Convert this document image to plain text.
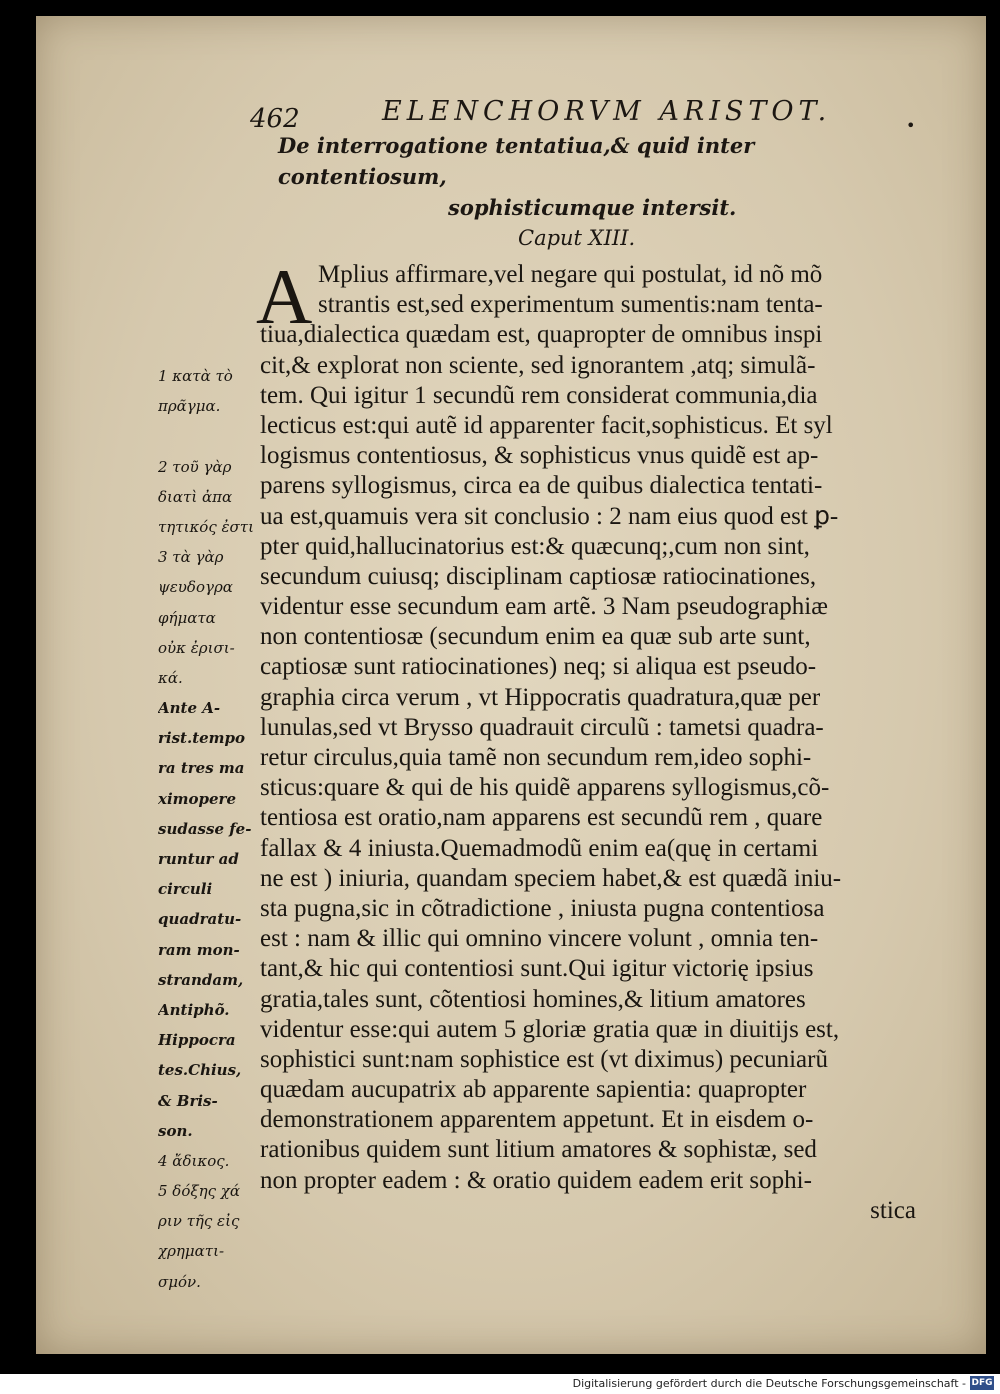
462	ELENCHORVM ARISTOT.	•
De interrogatione tentatiua,& quid inter contentiosum,
sophisticumque intersit.
Caput XIII.
A Mplius affirmare,vel negare qui postulat, id nõ mõ
strantis est,sed experimentum sumentis:nam tenta-
tiua,dialectica quædam est, quapropter de omnibus inspi
cit,& explorat non sciente, sed ignorantem ,atq; simulã-
tem. Qui igitur 1 secundũ rem considerat communia,dia
lecticus est:qui autẽ id apparenter facit,sophisticus. Et syl
logismus contentiosus, & sophisticus vnus quidẽ est ap-
parens syllogismus, circa ea de quibus dialectica tentati-
ua est,quamuis vera sit conclusio : 2 nam eius quod est ꝑ-
pter quid,hallucinatorius est:& quæcunq;,cum non sint,
secundum cuiusq; disciplinam captiosæ ratiocinationes,
videntur esse secundum eam artẽ. 3 Nam pseudographiæ
non contentiosæ (secundum enim ea quæ sub arte sunt,
captiosæ sunt ratiocinationes) neq; si aliqua est pseudo-
graphia circa verum , vt Hippocratis quadratura,quæ per
lunulas,sed vt Brysso quadrauit circulũ : tametsi quadra-
retur circulus,quia tamẽ non secundum rem,ideo sophi-
sticus:quare & qui de his quidẽ apparens syllogismus,cõ-
tentiosa est oratio,nam apparens est secundũ rem , quare
fallax & 4 iniusta.Quemadmodũ enim ea(quę in certami
ne est ) iniuria, quandam speciem habet,& est quædã iniu-
sta pugna,sic in cõtradictione , iniusta pugna contentiosa
est : nam & illic qui omnino vincere volunt , omnia ten-
tant,& hic qui contentiosi sunt.Qui igitur victorię ipsius
gratia,tales sunt, cõtentiosi homines,& litium amatores
videntur esse:qui autem 5 gloriæ gratia quæ in diuitijs est,
sophistici sunt:nam sophistice est (vt diximus) pecuniarũ
quædam aucupatrix ab apparente sapientia: quapropter
demonstrationem apparentem appetunt. Et in eisdem o-
rationibus quidem sunt litium amatores & sophistæ, sed
non propter eadem : & oratio quidem eadem erit sophi-
stica
1 κατὰ τὸ
πρᾶγμα.
2 τοῦ γὰρ
διατὶ ἀπα
τητικός ἐστι
3 τὰ γὰρ
ψευδογρα
φήματα
οὐκ ἐρισι-
κά.
Ante A-
rist.tempo
ra tres ma
ximopere
sudasse fe-
runtur ad
circuli
quadratu-
ram mon-
strandam,
Antiphõ.
Hippocra
tes.Chius,
& Bris-
son.
4 ἄδικος.
5 δόξης χά
ριν τῆς εἰς
χρηματι-
σμόν.
Digitalisierung gefördert durch die Deutsche Forschungsgemeinschaft - DFG
